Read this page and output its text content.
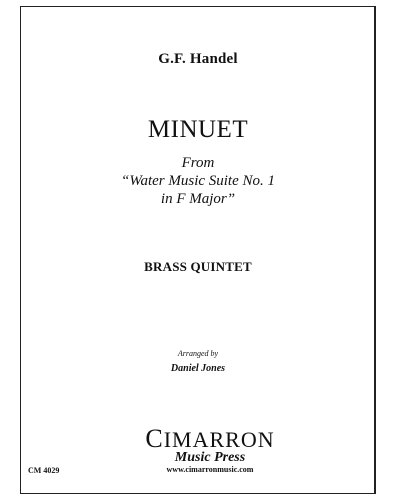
G.F. Handel
MINUET
From
“Water Music Suite No. 1
in F Major”
BRASS QUINTET
Arranged by
Daniel Jones
CM 4029
CIMARRON
Music Press
www.cimarronmusic.com
